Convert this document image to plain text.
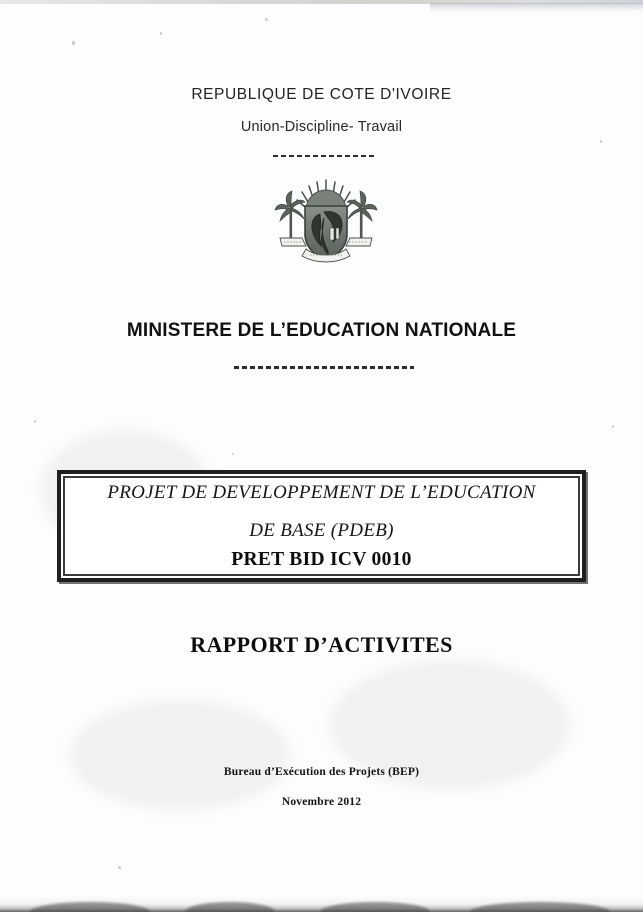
REPUBLIQUE DE COTE D'IVOIRE
Union-Discipline- Travail
MINISTERE DE L’EDUCATION NATIONALE
PROJET DE DEVELOPPEMENT DE L’EDUCATION
DE BASE (PDEB)
PRET BID ICV 0010
RAPPORT D’ACTIVITES
Bureau d’Exécution des Projets (BEP)
Novembre 2012
